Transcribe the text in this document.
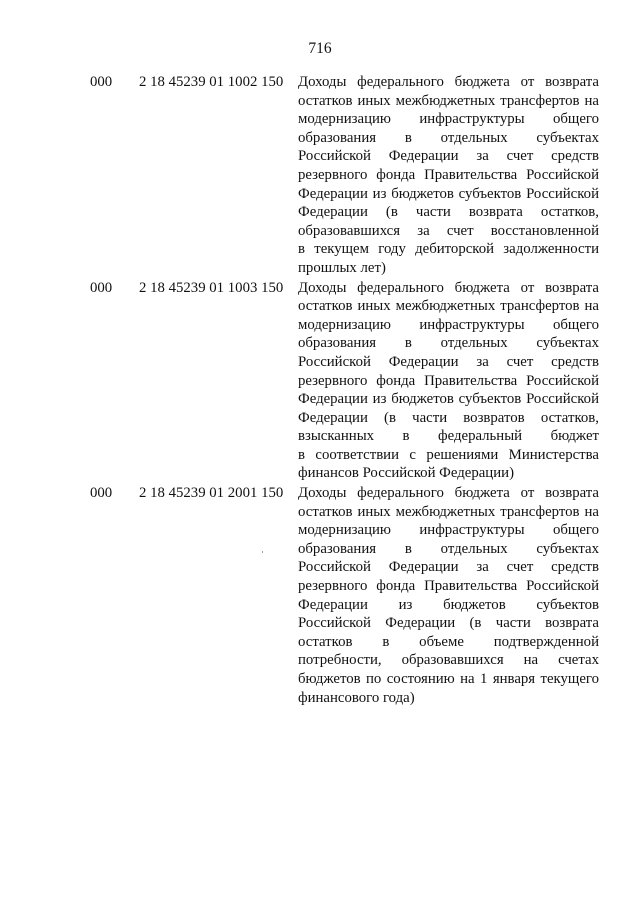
716
000 2 18 45239 01 1002 150 Доходы федерального бюджета от возврата
остатков иных межбюджетных трансфертов на
модернизацию инфраструктуры общего
образования в отдельных субъектах
Российской Федерации за счет средств
резервного фонда Правительства Российской
Федерации из бюджетов субъектов Российской
Федерации (в части возврата остатков,
образовавшихся за счет восстановленной
в текущем году дебиторской задолженности
прошлых лет)
000 2 18 45239 01 1003 150 Доходы федерального бюджета от возврата
остатков иных межбюджетных трансфертов на
модернизацию инфраструктуры общего
образования в отдельных субъектах
Российской Федерации за счет средств
резервного фонда Правительства Российской
Федерации из бюджетов субъектов Российской
Федерации (в части возвратов остатков,
взысканных в федеральный бюджет
в соответствии с решениями Министерства
финансов Российской Федерации)
000 2 18 45239 01 2001 150 Доходы федерального бюджета от возврата
остатков иных межбюджетных трансфертов на
модернизацию инфраструктуры общего
образования в отдельных субъектах
Российской Федерации за счет средств
резервного фонда Правительства Российской
Федерации из бюджетов субъектов
Российской Федерации (в части возврата
остатков в объеме подтвержденной
потребности, образовавшихся на счетах
бюджетов по состоянию на 1 января текущего
финансового года)
